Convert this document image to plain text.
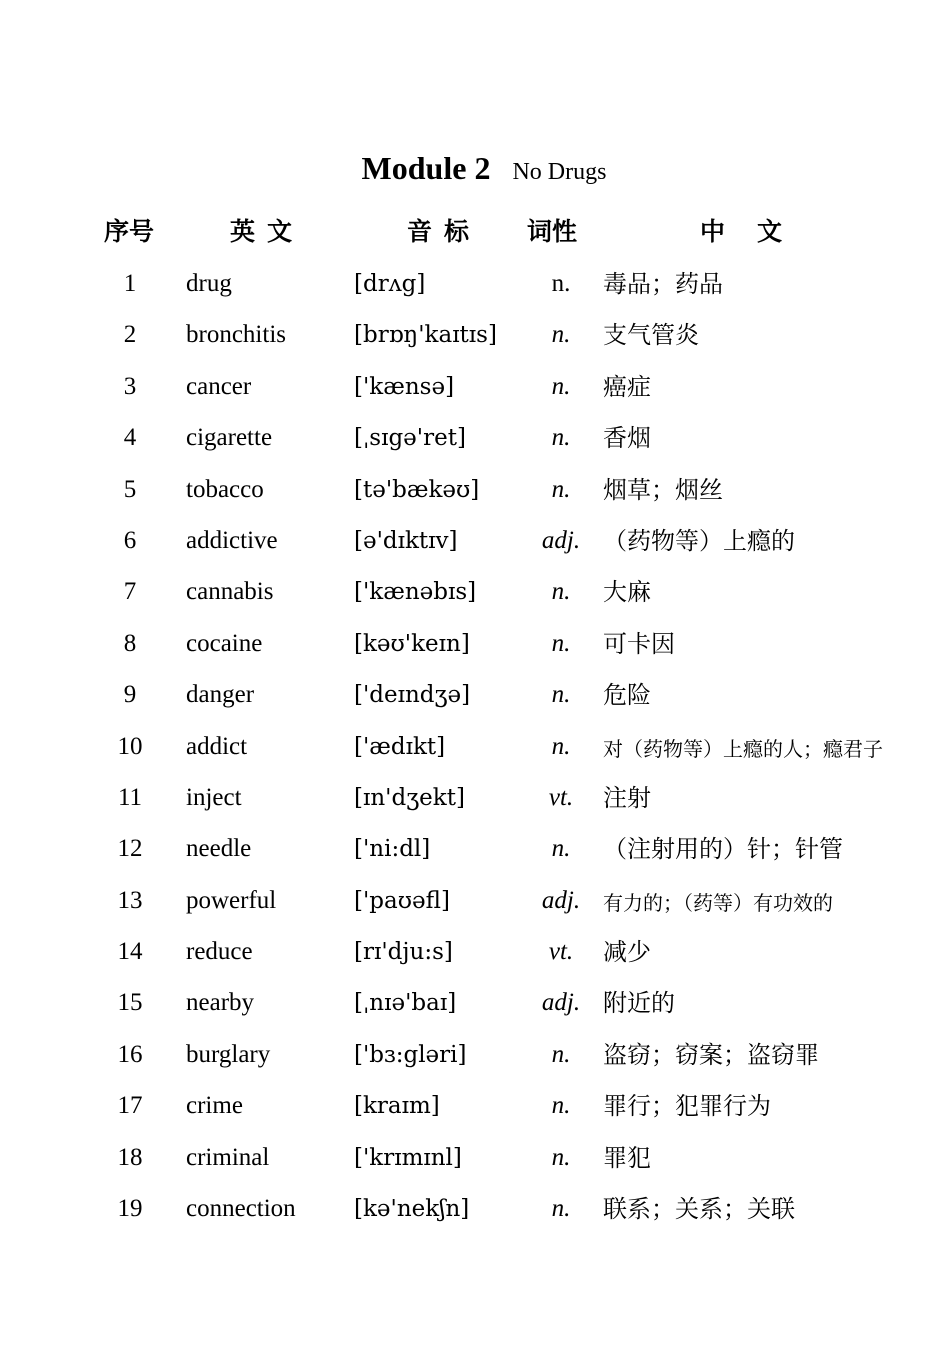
Module 2 No Drugs
序号	英文	音标 词性	中文
1	drug	[drʌg]	n.	毒品；药品
2	bronchitis	[brɒŋ'kaɪtɪs]	n.	支气管炎
3	cancer	['kænsə]	n.	癌症
4	cigarette	[ˌsɪgə'ret]	n.	香烟
5	tobacco	[tə'bækəʊ]	n.	烟草；烟丝
6	addictive	[ə'dɪktɪv]	adj. （药物等）上瘾的
7	cannabis	['kænəbɪs]	n.	大麻
8	cocaine	[kəʊ'keɪn]	n.	可卡因
9	danger	['deɪndʒə]	n.	危险
10	addict	['ædɪkt]	n.	对（药物等）上瘾的人；瘾君子
11	inject	[ɪn'dʒekt]	vt.	注射
12	needle	['ni:dl]	n.	（注射用的）针；针管
13	powerful	['paʊəfl]	adj.	有力的；（药等）有功效的
14	reduce	[rɪ'dju:s]	vt.	减少
15	nearby	[ˌnɪə'baɪ]	adj. 附近的
16	burglary	['bɜ:gləri]	n.	盗窃；窃案；盗窃罪
17	crime	[kraɪm]	n.	罪行；犯罪行为
18	criminal	['krɪmɪnl]	n.	罪犯
19	connection	[kə'nekʃn]	n.	联系；关系；关联
